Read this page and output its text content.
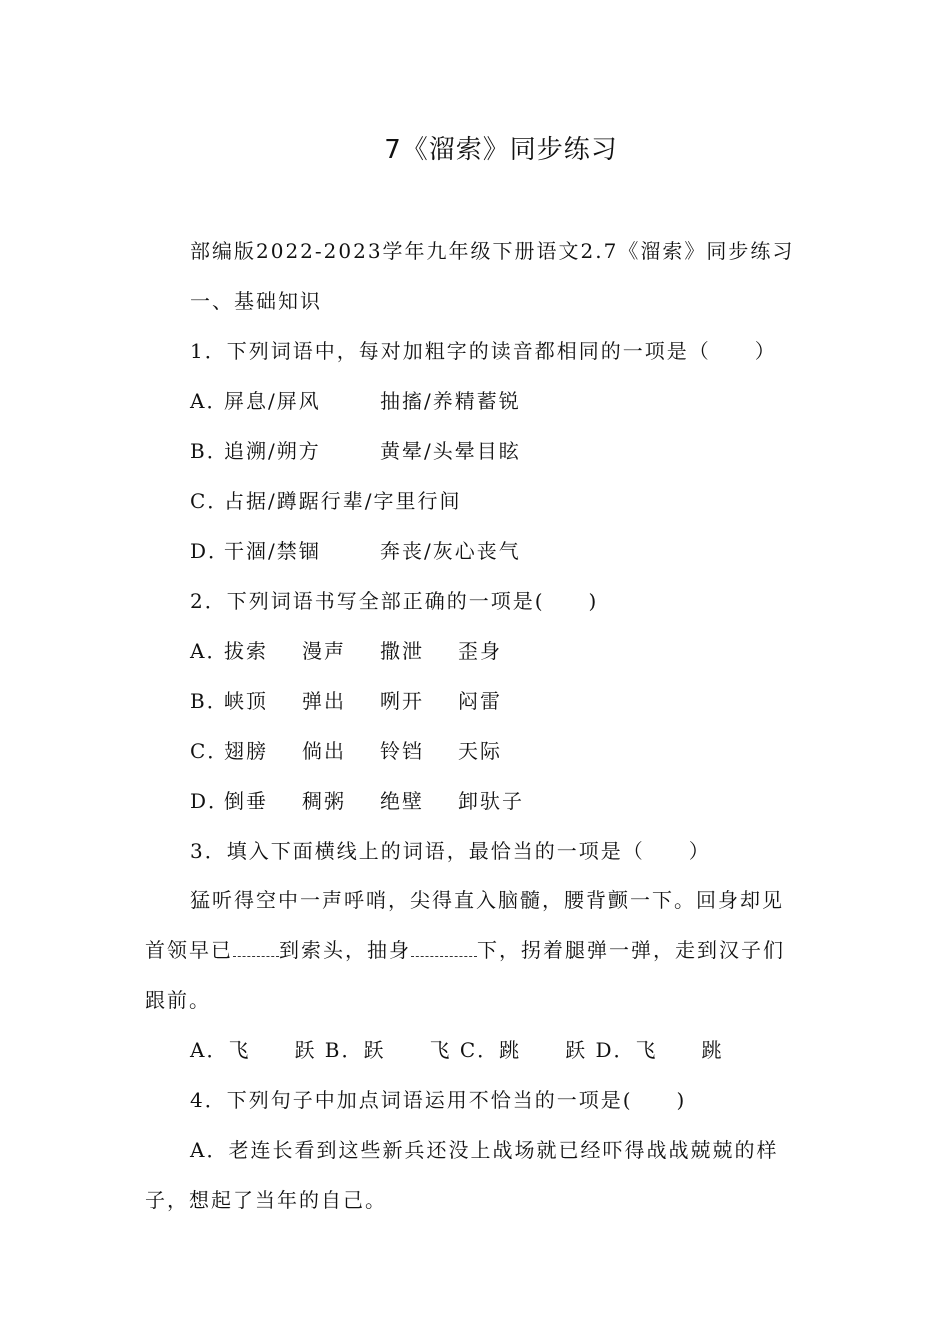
7《溜索》同步练习
部编版2022-2023学年九年级下册语文2.7《溜索》同步练习
一、基础知识
1．下列词语中，每对加粗字的读音都相同的一项是（　　）
A．屏息/屏风	抽搐/养精蓄锐
B．追溯/朔方	黄晕/头晕目眩
C．占据/蹲踞行辈/字里行间
D．干涸/禁锢	奔丧/灰心丧气
2．下列词语书写全部正确的一项是(　　)
A．拔索 漫声 撒泄 歪身
B．峡顶 弹出 咧开 闷雷
C．翅膀 倘出 铃铛 天际
D．倒垂 稠粥 绝壁 卸驮子
3．填入下面横线上的词语，最恰当的一项是（　　）
猛听得空中一声呼哨，尖得直入脑髓，腰背颤一下。回身却见
首领早已 到索头，抽身	下，拐着腿弹一弹，走到汉子们
跟前。
A．飞　　跃 B．跃　　飞 C．跳　　跃 D．飞　　跳
4．下列句子中加点词语运用不恰当的一项是(　　)
A．老连长看到这些新兵还没上战场就已经吓得战战兢兢的样
子，想起了当年的自己。
